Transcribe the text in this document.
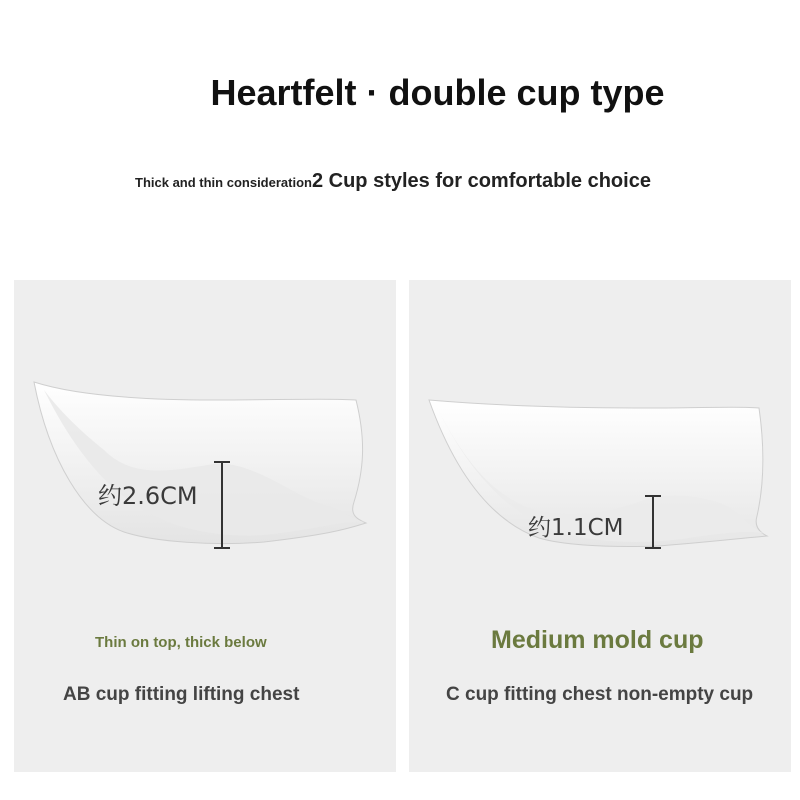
Heartfelt · double cup type
Thick and thin consideration2 Cup styles for comfortable choice
约2.6CM
Thin on top, thick below
AB cup fitting lifting chest
约1.1CM
Medium mold cup
C cup fitting chest non-empty cup
